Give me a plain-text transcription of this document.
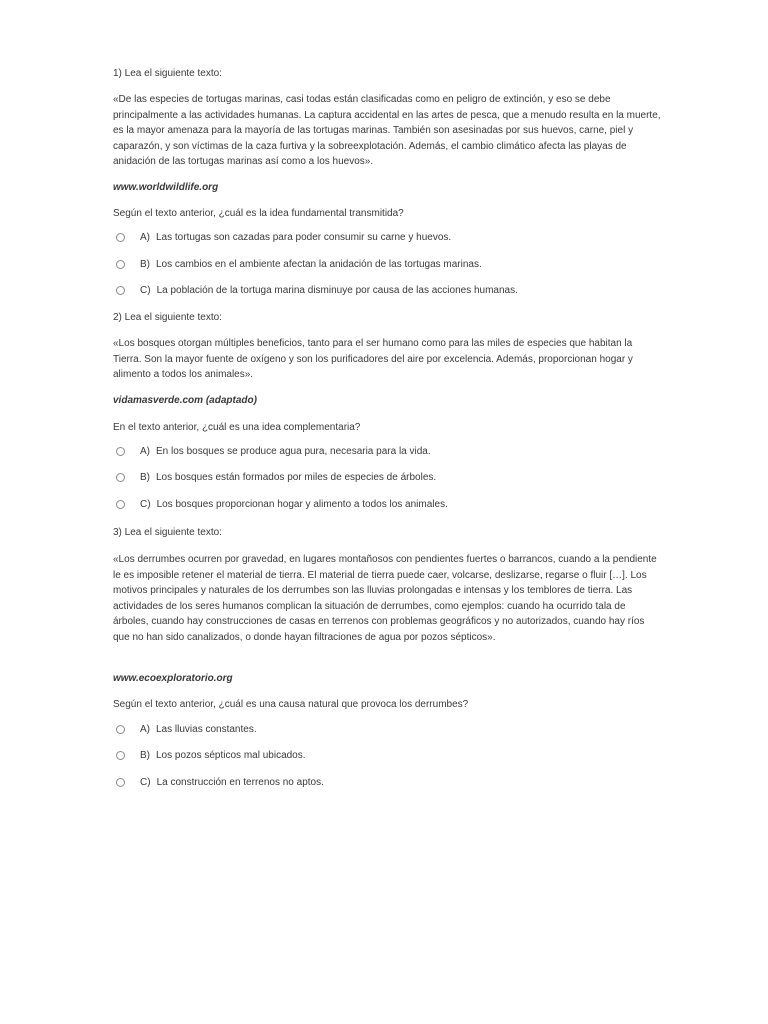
1) Lea el siguiente texto:
«De las especies de tortugas marinas, casi todas están clasificadas como en peligro de extinción, y eso se debe principalmente a las actividades humanas. La captura accidental en las artes de pesca, que a menudo resulta en la muerte, es la mayor amenaza para la mayoría de las tortugas marinas. También son asesinadas por sus huevos, carne, piel y caparazón, y son víctimas de la caza furtiva y la sobreexplotación. Además, el cambio climático afecta las playas de anidación de las tortugas marinas así como a los huevos».
www.worldwildlife.org
Según el texto anterior, ¿cuál es la idea fundamental transmitida?
A) Las tortugas son cazadas para poder consumir su carne y huevos.
B) Los cambios en el ambiente afectan la anidación de las tortugas marinas.
C) La población de la tortuga marina disminuye por causa de las acciones humanas.
2) Lea el siguiente texto:
«Los bosques otorgan múltiples beneficios, tanto para el ser humano como para las miles de especies que habitan la Tierra. Son la mayor fuente de oxígeno y son los purificadores del aire por excelencia. Además, proporcionan hogar y alimento a todos los animales».
vidamasverde.com (adaptado)
En el texto anterior, ¿cuál es una idea complementaria?
A) En los bosques se produce agua pura, necesaria para la vida.
B) Los bosques están formados por miles de especies de árboles.
C) Los bosques proporcionan hogar y alimento a todos los animales.
3) Lea el siguiente texto:
«Los derrumbes ocurren por gravedad, en lugares montañosos con pendientes fuertes o barrancos, cuando a la pendiente le es imposible retener el material de tierra. El material de tierra puede caer, volcarse, deslizarse, regarse o fluir […]. Los motivos principales y naturales de los derrumbes son las lluvias prolongadas e intensas y los temblores de tierra. Las actividades de los seres humanos complican la situación de derrumbes, como ejemplos: cuando ha ocurrido tala de árboles, cuando hay construcciones de casas en terrenos con problemas geográficos y no autorizados, cuando hay ríos que no han sido canalizados, o donde hayan filtraciones de agua por pozos sépticos».
www.ecoexploratorio.org
Según el texto anterior, ¿cuál es una causa natural que provoca los derrumbes?
A) Las lluvias constantes.
B) Los pozos sépticos mal ubicados.
C) La construcción en terrenos no aptos.
